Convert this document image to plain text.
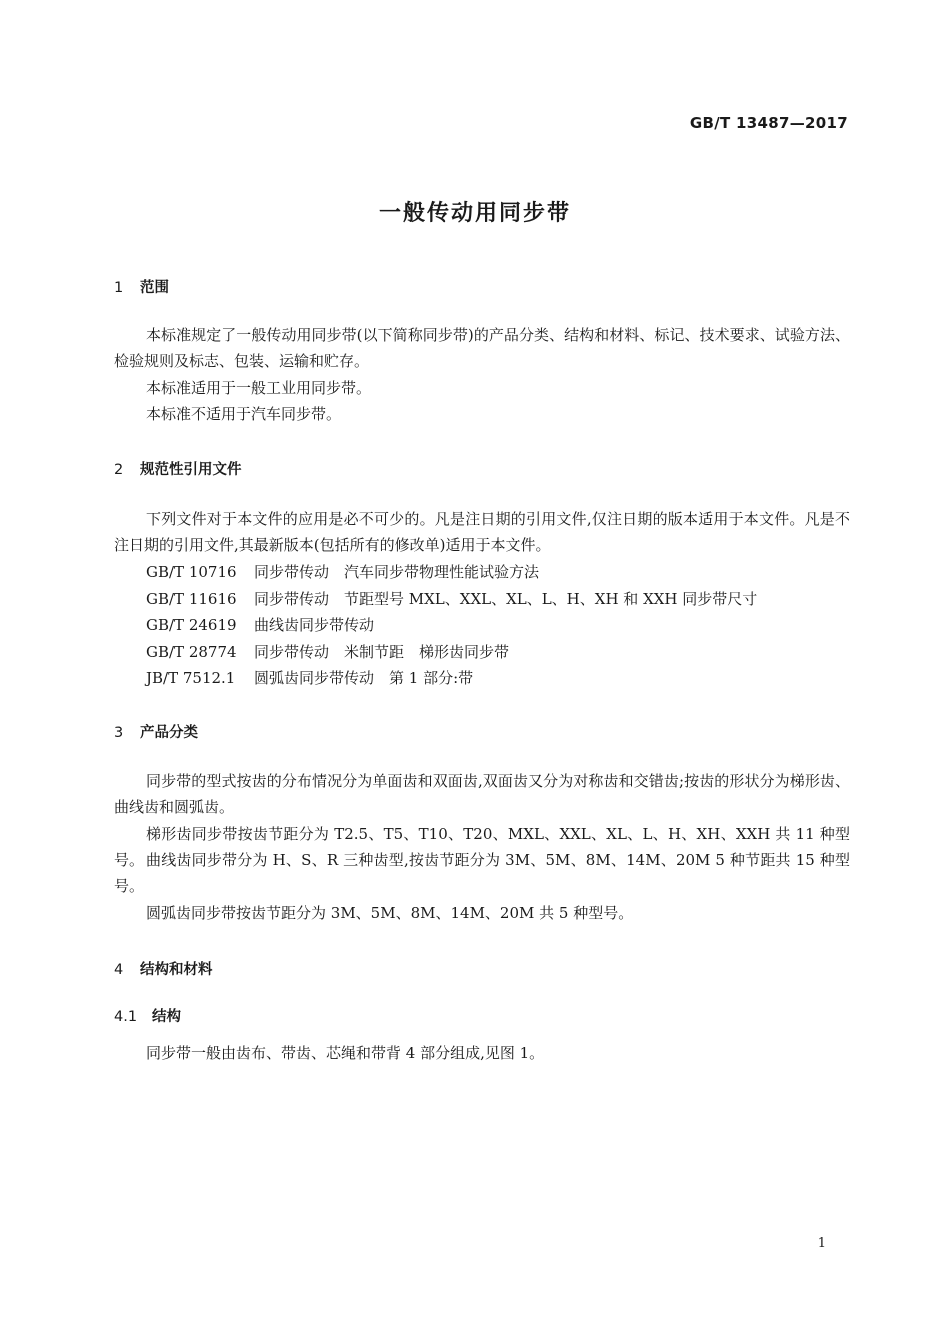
GB/T 13487—2017
一般传动用同步带
1 范围

本标准规定了一般传动用同步带(以下简称同步带)的产品分类、结构和材料、标记、技术要求、试验方法、检验规则及标志、包装、运输和贮存。

本标准适用于一般工业用同步带。

本标准不适用于汽车同步带。

2 规范性引用文件

下列文件对于本文件的应用是必不可少的。凡是注日期的引用文件,仅注日期的版本适用于本文件。凡是不注日期的引用文件,其最新版本(包括所有的修改单)适用于本文件。

GB/T 10716 同步带传动　汽车同步带物理性能试验方法
GB/T 11616 同步带传动　节距型号 MXL、XXL、XL、L、H、XH 和 XXH 同步带尺寸
GB/T 24619 曲线齿同步带传动
GB/T 28774 同步带传动　米制节距　梯形齿同步带
JB/T 7512.1 圆弧齿同步带传动　第 1 部分:带
3 产品分类

同步带的型式按齿的分布情况分为单面齿和双面齿,双面齿又分为对称齿和交错齿;按齿的形状分为梯形齿、曲线齿和圆弧齿。

梯形齿同步带按齿节距分为 T2.5、T5、T10、T20、MXL、XXL、XL、L、H、XH、XXH 共 11 种型号。 曲线齿同步带分为 H、S、R 三种齿型,按齿节距分为 3M、5M、8M、14M、20M 5 种节距共 15 种型号。

圆弧齿同步带按齿节距分为 3M、5M、8M、14M、20M 共 5 种型号。

4 结构和材料
4.1 结构

同步带一般由齿布、带齿、芯绳和带背 4 部分组成,见图 1。

1
